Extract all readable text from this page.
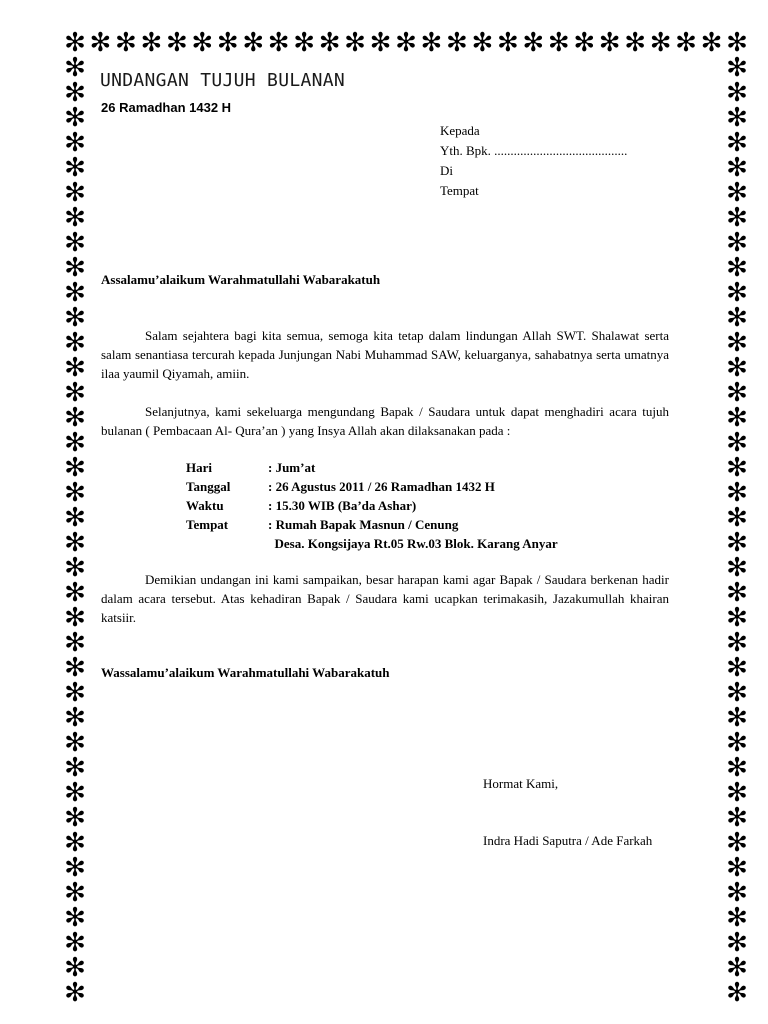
✻ ✻ ✻ ✻ ✻ ✻ ✻ ✻ ✻ ✻ ✻ ✻ ✻ ✻ ✻ ✻ ✻ ✻ ✻ ✻ ✻ ✻ ✻ ✻ ✻ ✻ ✻
✻	✻
✻	✻
✻	✻
✻	✻
✻	✻
✻	✻
✻	✻
✻	✻
✻	✻
✻	✻
✻	✻
✻	✻
✻	✻
✻	✻
✻	✻
✻	✻
✻	✻
✻	✻
✻	✻
✻	✻
✻	✻
✻	✻
✻	✻
✻	✻
✻	✻
✻	✻
✻	✻
✻	✻
✻	✻
✻	✻
✻	✻
✻	✻
✻	✻
✻	✻
✻	✻
✻	✻
✻	✻
✻	✻
UNDANGAN TUJUH BULANAN
26 Ramadhan 1432 H
Kepada
Yth. Bpk. .........................................
Di
Tempat

Assalamu’alaikum Warahmatullahi Wabarakatuh

Salam sejahtera bagi kita semua, semoga kita tetap dalam lindungan Allah SWT. Shalawat serta salam senantiasa tercurah kepada Junjungan Nabi Muhammad SAW, keluarganya, sahabatnya serta umatnya ilaa yaumil Qiyamah, amiin.

Selanjutnya, kami sekeluarga mengundang Bapak / Saudara untuk dapat menghadiri acara tujuh bulanan ( Pembacaan Al- Qura’an ) yang Insya Allah akan dilaksanakan pada :

Hari	: Jum’at
Tanggal	: 26 Agustus 2011 / 26 Ramadhan 1432 H
Waktu	: 15.30 WIB (Ba’da Ashar)
Tempat	: Rumah Bapak Masnun / Cenung
Desa. Kongsijaya Rt.05 Rw.03 Blok. Karang Anyar

Demikian undangan ini kami sampaikan, besar harapan kami agar Bapak / Saudara berkenan hadir dalam acara tersebut. Atas kehadiran Bapak / Saudara kami ucapkan terimakasih, Jazakumullah khairan katsiir.

Wassalamu’alaikum Warahmatullahi Wabarakatuh

Hormat Kami,
Indra Hadi Saputra / Ade Farkah
